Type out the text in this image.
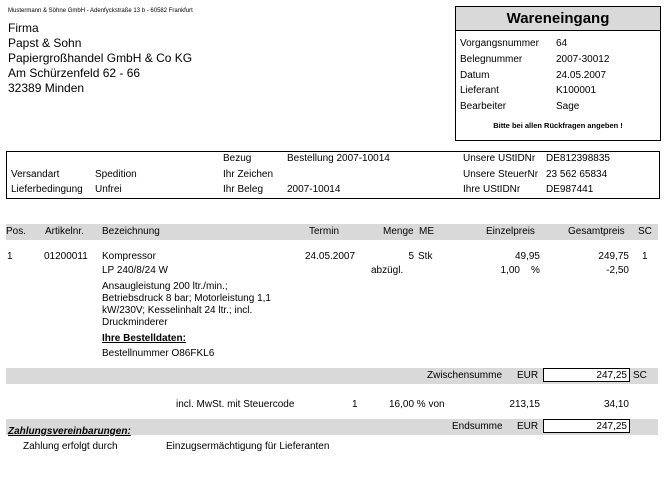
Mustermann & Söhne GmbH - Adenfyckstraße 13 b - 60582 Frankfurt
Firma
Papst & Sohn
Papiergroßhandel GmbH & Co KG
Am Schürzenfeld 62 - 66
32389 Minden
Wareneingang
Vorgangsnummer 64
Belegnummer	2007-30012
Datum	24.05.2007
Lieferant	K100001
Bearbeiter	Sage
Bitte bei allen Rückfragen angeben !
Bezug	Bestellung 2007-10014	Unsere UStIDNr DE812398835
Versandart	Spedition	Ihr Zeichen	Unsere SteuerNr 23 562 65834
Lieferbedingung Unfrei	Ihr Beleg 2007-10014	Ihre UStIDNr	DE987441
Pos. Artikelnr. Bezeichnung	Termin	Menge ME	Einzelpreis	Gesamtpreis SC
1	01200011 Kompressor	24.05.2007	5 Stk	49,95	249,75 1
LP 240/8/24 W	abzügl.	1,00 %	-2,50
Ansaugleistung 200 ltr./min.;
Betriebsdruck 8 bar; Motorleistung 1,1
kW/230V; Kesselinhalt 24 ltr.; incl.
Druckminderer
Ihre Bestelldaten:
Bestellnummer O86FKL6
Zwischensumme EUR	247,25 SC
incl. MwSt. mit Steuercode	1	16,00 % von	213,15	34,10
Endsumme EUR	247,25
Zahlungsvereinbarungen:
Zahlung erfolgt durch	Einzugsermächtigung für Lieferanten
